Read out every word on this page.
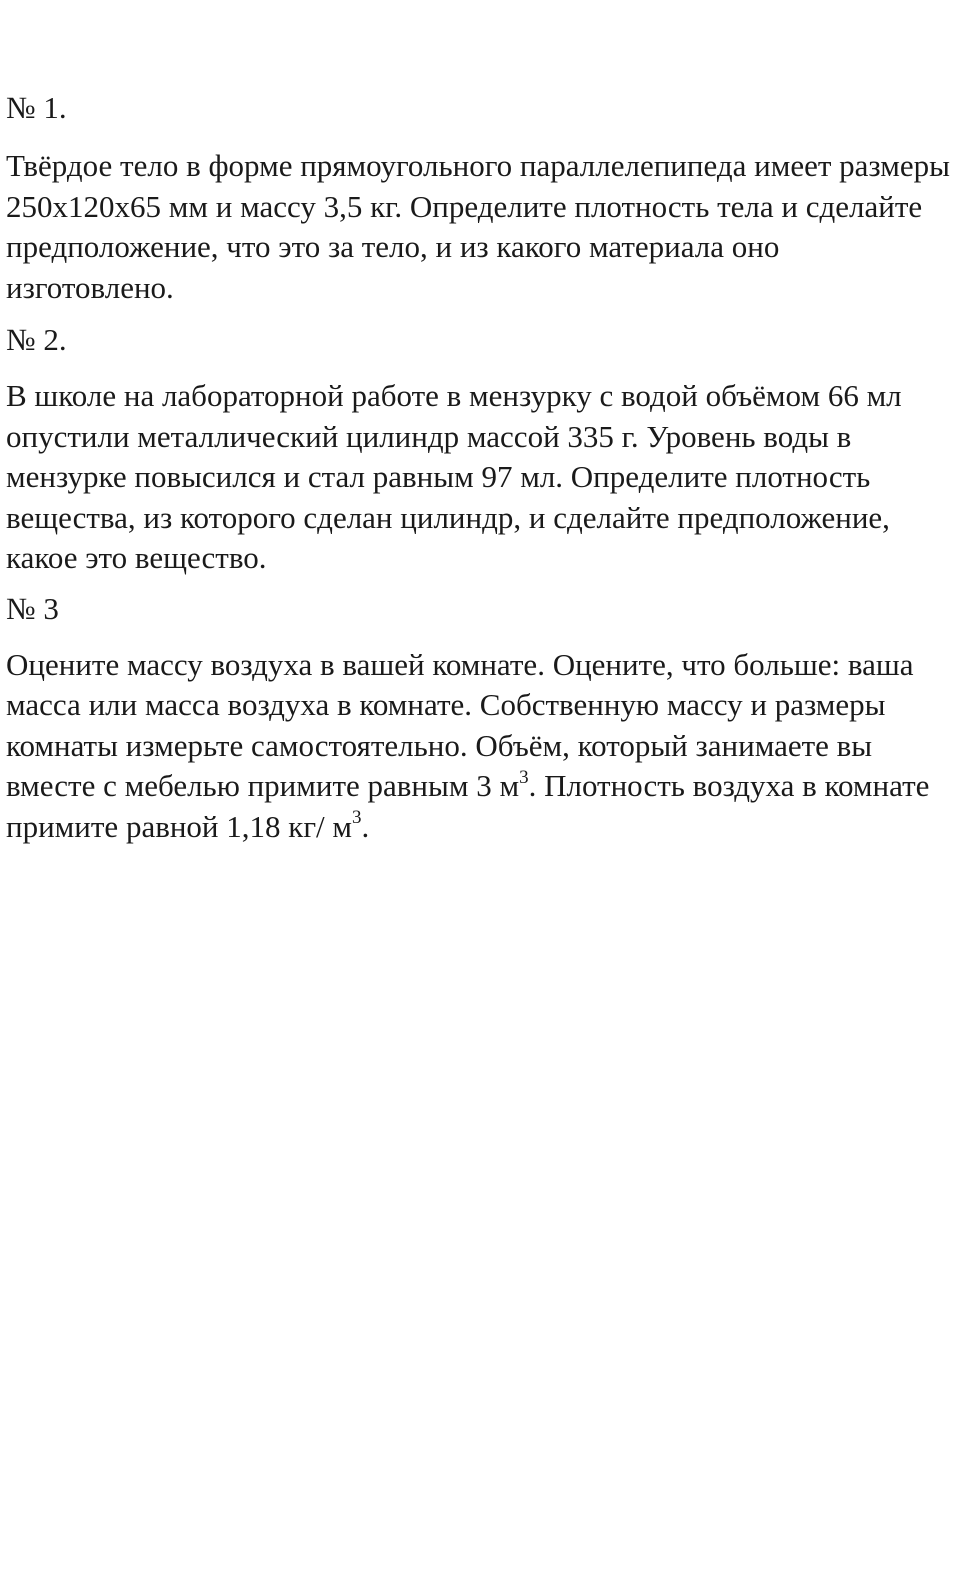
№ 1.

Твёрдое тело в форме прямоугольного параллелепипеда имеет размеры 250х120х65 мм и массу 3,5 кг. Определите плотность тела и сделайте предположение, что это за тело, и из какого материала оно изготовлено.

№ 2.

В школе на лабораторной работе в мензурку с водой объёмом 66 мл опустили металлический цилиндр массой 335 г. Уровень воды в мензурке повысился и стал равным 97 мл. Определите плотность вещества, из которого сделан цилиндр, и сделайте предположение, какое это вещество.

№ 3

Оцените массу воздуха в вашей комнате. Оцените, что больше: ваша масса или масса воздуха в комнате. Собственную массу и размеры комнаты измерьте самостоятельно. Объём, который занимаете вы вместе с мебелью примите равным 3 $м^3$. Плотность воздуха в комнате примите равной 1,18 кг/ $м^3$.
